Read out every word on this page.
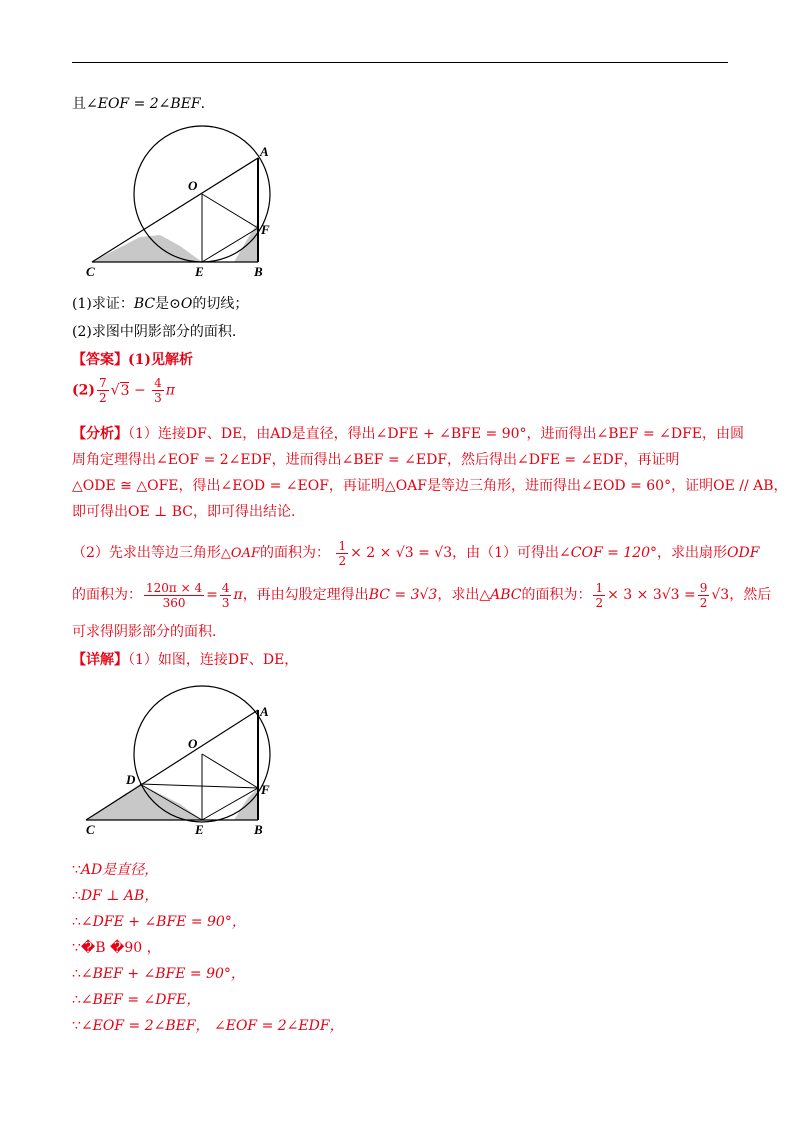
且∠EOF = 2∠BEF.
A
O
F
C	E	B
(1)求证：BC是⊙O的切线；
(2)求图中阴影部分的面积.
【答案】(1)见解析
$(2) \frac{7}{2} √3 - \frac{4}{3}$ π
【分析】（1）连接DF、DE，由AD是直径，得出∠DFE + ∠BFE = 90°，进而得出∠BEF = ∠DFE，由圆
周角定理得出∠EOF = 2∠EDF，进而得出∠BEF = ∠EDF，然后得出∠DFE = ∠EDF，再证明
△ODE ≅ △OFE，得出∠EOD = ∠EOF，再证明△OAF是等边三角形，进而得出∠EOD = 60°，证明OE // AB，
即可得出OE ⊥ BC，即可得出结论.
（2）先求出等边三角形△OAF的面积为： $\frac{1}{2} \times 2 \times √3 = √3$，由（1）可得出∠COF = 120°，求出扇形ODF
的面积为： $\frac{120\pi \times 4}{360} = \frac{4}{3}$ π，再由勾股定理得出BC = 3√3，求出△ABC的面积为： $\frac{1}{2} \times 3 \times 3√3 = \frac{9}{2} √3$，然后
可求得阴影部分的面积.
【详解】（1）如图，连接DF、DE，
A
O
D
F
C	E	B
∵AD是直径，
∴DF ⊥ AB，
∴∠DFE + ∠BFE = 90°，
∵�B �90 ，
∴∠BEF + ∠BFE = 90°，
∴∠BEF = ∠DFE，
∵∠EOF = 2∠BEF， ∠EOF = 2∠EDF，
